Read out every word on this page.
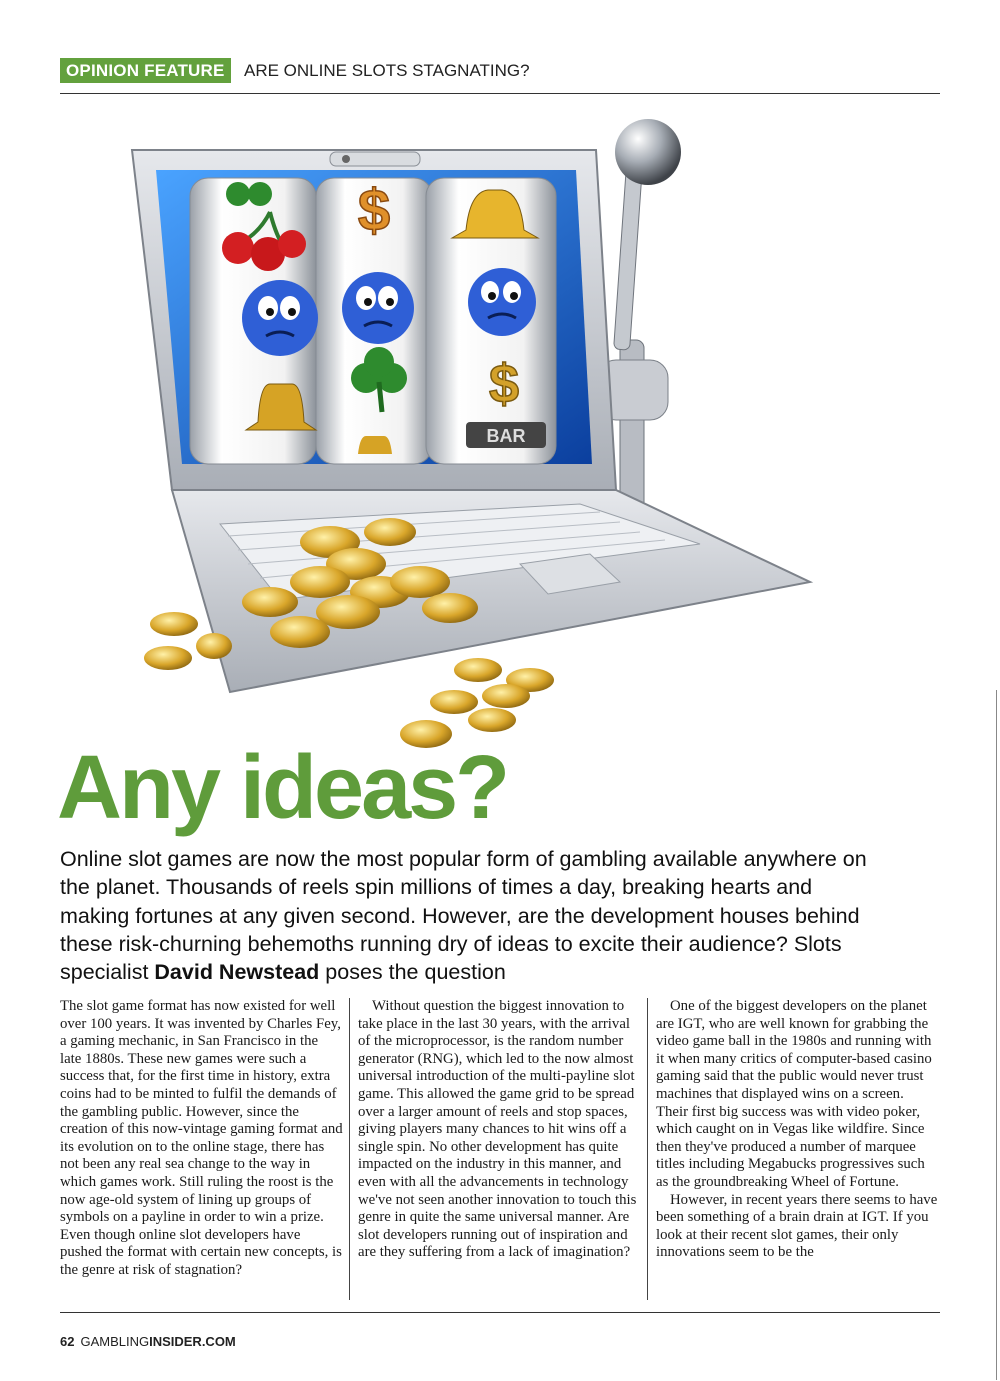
OPINION FEATURE	ARE ONLINE SLOTS STAGNATING?
$
$
BAR
Any ideas?

Online slot games are now the most popular form of gambling available anywhere on the planet. Thousands of reels spin millions of times a day, breaking hearts and making fortunes at any given second. However, are the development houses behind these risk-churning behemoths running dry of ideas to excite their audience? Slots specialist David Newstead poses the question

The slot game format has now existed for well over 100 years. It was invented by Charles Fey, a gaming mechanic, in San Francisco in the late 1880s. These new games were such a success that, for the first time in history, extra coins had to be minted to fulfil the demands of the gambling public. However, since the creation of this now-vintage gaming format and its evolution on to the online stage, there has not been any real sea change to the way in which games work. Still ruling the roost is the now age-old system of lining up groups of symbols on a payline in order to win a prize. Even though online slot developers have pushed the format with certain new concepts, is the genre at risk of stagnation?

Without question the biggest innovation to take place in the last 30 years, with the arrival of the microprocessor, is the random number generator (RNG), which led to the now almost universal introduction of the multi-payline slot game. This allowed the game grid to be spread over a larger amount of reels and stop spaces, giving players many chances to hit wins off a single spin. No other development has quite impacted on the industry in this manner, and even with all the advancements in technology we've not seen another innovation to touch this genre in quite the same universal manner. Are slot developers running out of inspiration and are they suffering from a lack of imagination?

One of the biggest developers on the planet are IGT, who are well known for grabbing the video game ball in the 1980s and running with it when many critics of computer-based casino gaming said that the public would never trust machines that displayed wins on a screen. Their first big success was with video poker, which caught on in Vegas like wildfire. Since then they've produced a number of marquee titles including Megabucks progressives such as the groundbreaking Wheel of Fortune.

However, in recent years there seems to have been something of a brain drain at IGT. If you look at their recent slot games, their only innovations seem to be the

62 GAMBLINGINSIDER.COM
